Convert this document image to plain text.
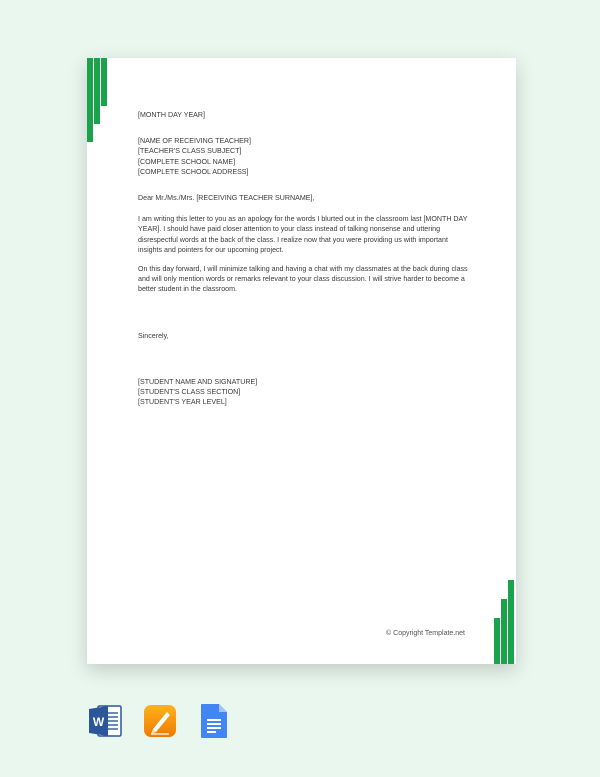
[MONTH DAY YEAR]

[NAME OF RECEIVING TEACHER]

[TEACHER'S CLASS SUBJECT]

[COMPLETE SCHOOL NAME]

[COMPLETE SCHOOL ADDRESS]

Dear Mr./Ms./Mrs. [RECEIVING TEACHER SURNAME],

I am writing this letter to you as an apology for the words I blurted out in the classroom last [MONTH DAY YEAR]. I should have paid closer attention to your class instead of talking nonsense and uttering disrespectful words at the back of the class. I realize now that you were providing us with important insights and pointers for our upcoming project.

On this day forward, I will minimize talking and having a chat with my classmates at the back during class and will only mention words or remarks relevant to your class discussion. I will strive harder to become a better student in the classroom.

Sincerely,

[STUDENT NAME AND SIGNATURE]

[STUDENT'S CLASS SECTION]

[STUDENT'S YEAR LEVEL]

© Copyright Template.net
W
